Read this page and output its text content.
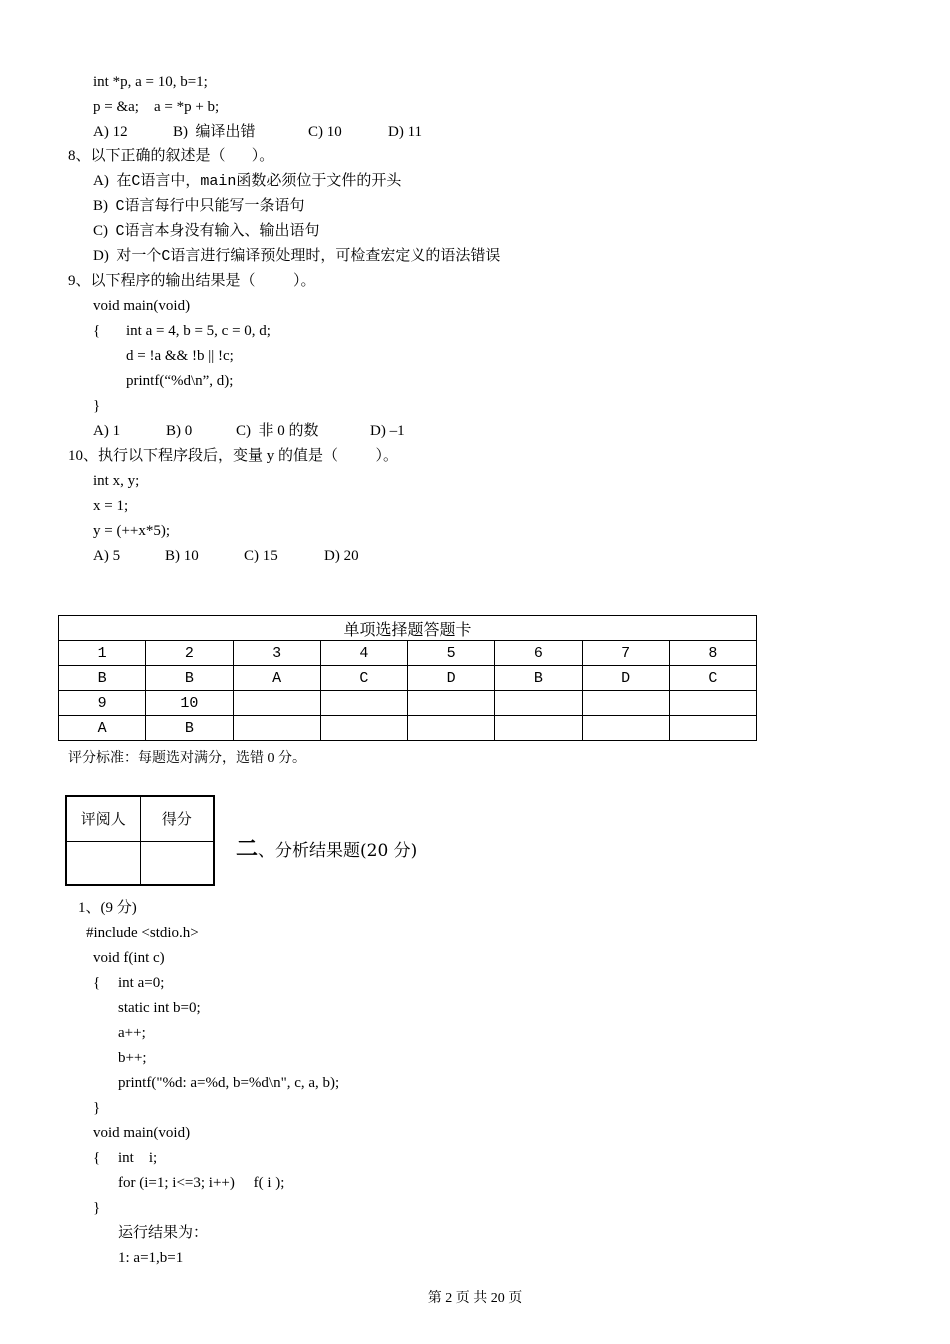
int *p, a = 10, b=1;
p = &a;    a = *p + b;
A) 12	B)  编译出错	C) 10	D) 11
8、以下正确的叙述是（       ）。
A)  在C语言中，main函数必须位于文件的开头
B)  C语言每行中只能写一条语句
C)  C语言本身没有输入、输出语句
D)  对一个C语言进行编译预处理时，可检查宏定义的语法错误
9、以下程序的输出结果是（          ）。
void main(void)
{ int a = 4, b = 5, c = 0, d;
d = !a && !b || !c;
printf(“%d\n”, d);
}
A) 1	B) 0	C)  非 0 的数	D) –1
10、执行以下程序段后，变量 y 的值是（          ）。
int x, y;
x = 1;
y = (++x*5);
A) 5	B) 10	C) 15	D) 20
单项选择题答题卡							
1	2	3	4	5	6	7	8
B	B	A	C	D	B	D	C
9	10						
A	B						
评分标准：每题选对满分，选错 0 分。
评阅人	得分

二、分析结果题(20 分)
1、(9 分)
#include <stdio.h>
void f(int c)
{ int a=0;
static int b=0;
a++;
b++;
printf("%d: a=%d, b=%d\n", c, a, b);
}
void main(void)
{ int    i;
for (i=1; i<=3; i++)     f( i );
}
运行结果为：
1: a=1,b=1
第 2 页 共 20 页
